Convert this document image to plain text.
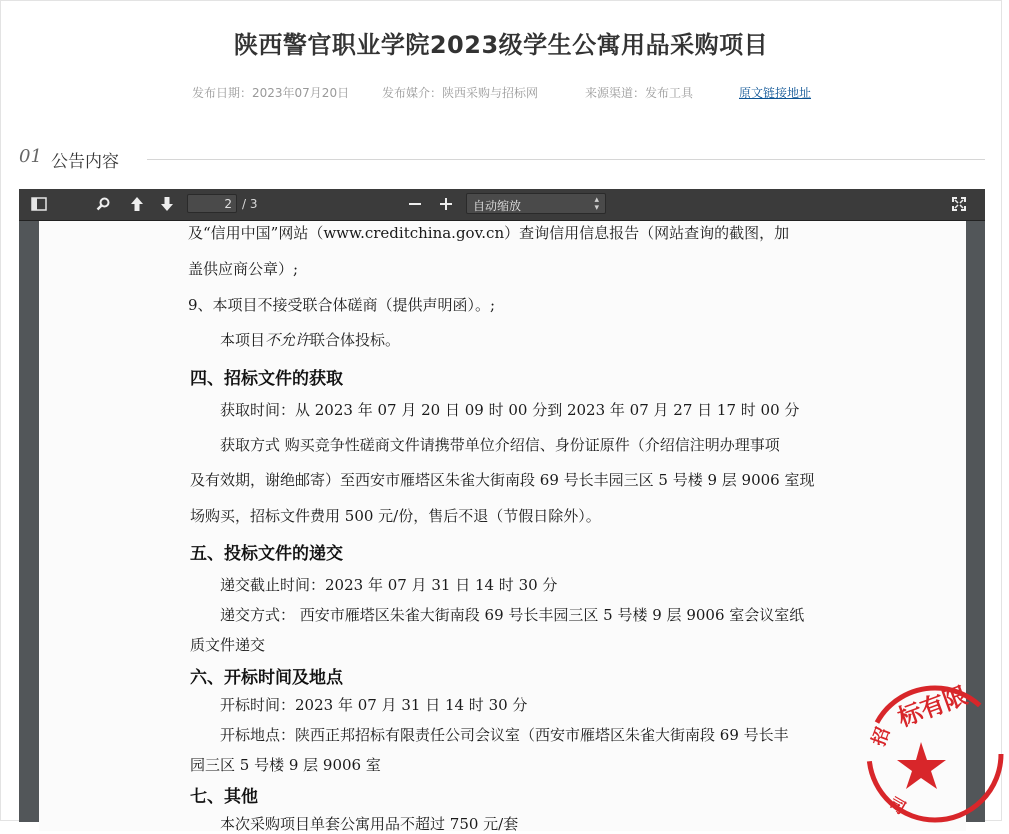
陕西警官职业学院2023级学生公寓用品采购项目
发布日期：2023年07月20日	发布媒介：陕西采购与招标网	来源渠道：发布工具	原文链接地址
01 公告内容
2
/ 3	自动缩放	▴
▾
及“信用中国”网站（www.creditchina.gov.cn）查询信用信息报告（网站查询的截图，加
盖供应商公章）;
9、本项目不接受联合体磋商（提供声明函）。;
本项目不允许联合体投标。
四、招标文件的获取
获取时间：从 2023 年 07 月 20 日 09 时 00 分到 2023 年 07 月 27 日 17 时 00 分
获取方式 购买竞争性磋商文件请携带单位介绍信、身份证原件（介绍信注明办理事项
及有效期，谢绝邮寄）至西安市雁塔区朱雀大街南段 69 号长丰园三区 5 号楼 9 层 9006 室现
场购买，招标文件费用 500 元/份，售后不退（节假日除外）。
五、投标文件的递交
递交截止时间：2023 年 07 月 31 日 14 时 30 分
递交方式： 西安市雁塔区朱雀大街南段 69 号长丰园三区 5 号楼 9 层 9006 室会议室纸
质文件递交
六、开标时间及地点
开标时间：2023 年 07 月 31 日 14 时 30 分
开标地点：陕西正邦招标有限责任公司会议室（西安市雁塔区朱雀大街南段 69 号长丰
园三区 5 号楼 9 层 9006 室
七、其他
本次采购项目单套公寓用品不超过 750 元/套
标有限
招
司
